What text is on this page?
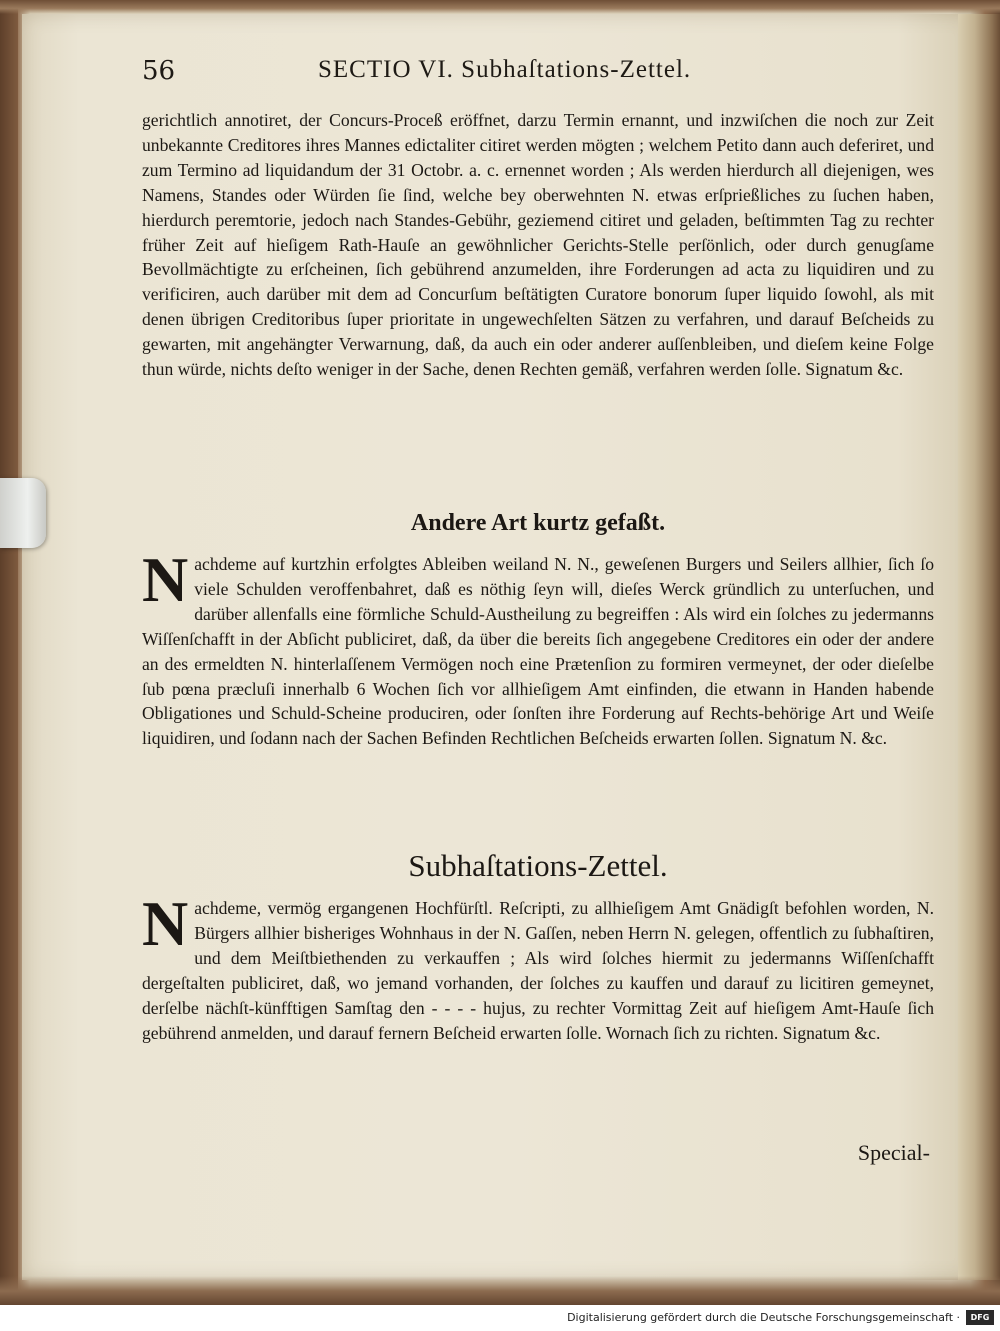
56	SECTIO VI. Subhaſtations-Zettel.
gerichtlich annotiret, der Concurs-Proceß eröffnet, darzu Termin ernannt, und inzwiſchen die noch zur Zeit unbekannte Creditores ihres Mannes edictaliter citiret werden mögten ; welchem Petito dann auch deferiret, und zum Termino ad liquidandum der 31 Octobr. a. c. ernennet worden ; Als werden hierdurch all diejenigen, wes Namens, Standes oder Würden ſie ſind, welche bey oberwehnten N. etwas erſprießliches zu ſuchen haben, hierdurch peremtorie, jedoch nach Standes-Gebühr, geziemend citiret und geladen, beſtimmten Tag zu rechter früher Zeit auf hieſigem Rath-Hauſe an gewöhnlicher Gerichts-Stelle perſönlich, oder durch genugſame Bevollmächtigte zu erſcheinen, ſich gebührend anzumelden, ihre Forderungen ad acta zu liquidiren und zu verificiren, auch darüber mit dem ad Concurſum beſtätigten Curatore bonorum ſuper liquido ſowohl, als mit denen übrigen Creditoribus ſuper prioritate in ungewechſelten Sätzen zu verfahren, und darauf Beſcheids zu gewarten, mit angehängter Verwarnung, daß, da auch ein oder anderer auſſenbleiben, und dieſem keine Folge thun würde, nichts deſto weniger in der Sache, denen Rechten gemäß, verfahren werden ſolle. Signatum &c.
Andere Art kurtz gefaßt.
Nachdeme auf kurtzhin erfolgtes Ableiben weiland N. N., geweſenen Burgers und Seilers allhier, ſich ſo viele Schulden veroffenbahret, daß es nöthig ſeyn will, dieſes Werck gründlich zu unterſuchen, und darüber allenfalls eine förmliche Schuld-Austheilung zu begreiffen : Als wird ein ſolches zu jedermanns Wiſſenſchafft in der Abſicht publiciret, daß, da über die bereits ſich angegebene Creditores ein oder der andere an des ermeldten N. hinterlaſſenem Vermögen noch eine Prætenſion zu formiren vermeynet, der oder dieſelbe ſub pœna præcluſi innerhalb 6 Wochen ſich vor allhieſigem Amt einfinden, die etwann in Handen habende Obligationes und Schuld-Scheine produciren, oder ſonſten ihre Forderung auf Rechts-behörige Art und Weiſe liquidiren, und ſodann nach der Sachen Befinden Rechtlichen Beſcheids erwarten ſollen. Signatum N. &c.
Subhaſtations-Zettel.
Nachdeme, vermög ergangenen Hochfürſtl. Reſcripti, zu allhieſigem Amt Gnädigſt befohlen worden, N. Bürgers allhier bisheriges Wohnhaus in der N. Gaſſen, neben Herrn N. gelegen, offentlich zu ſubhaſtiren, und dem Meiſtbiethenden zu verkauffen ; Als wird ſolches hiermit zu jedermanns Wiſſenſchafft dergeſtalten publiciret, daß, wo jemand vorhanden, der ſolches zu kauffen und darauf zu licitiren gemeynet, derſelbe nächſt-künfftigen Samſtag den - - - - hujus, zu rechter Vormittag Zeit auf hieſigem Amt-Hauſe ſich gebührend anmelden, und darauf fernern Beſcheid erwarten ſolle. Wornach ſich zu richten. Signatum &c.
Special-
Digitalisierung gefördert durch die Deutsche Forschungsgemeinschaft ·	DFG
